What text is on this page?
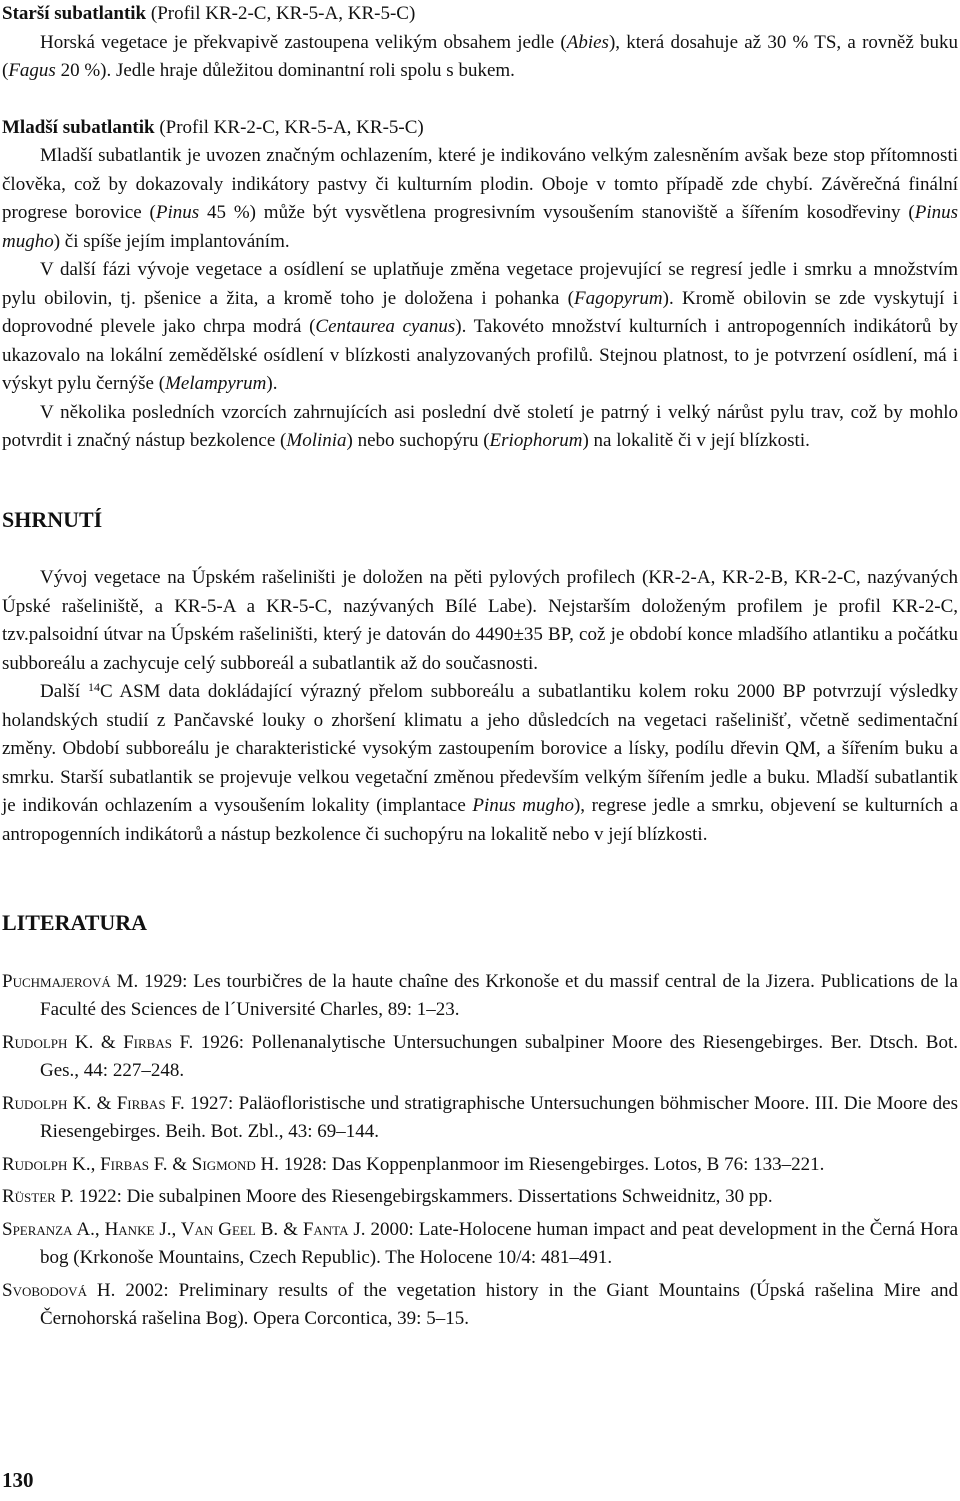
Starší subatlantik (Profil KR-2-C, KR-5-A, KR-5-C)

Horská vegetace je překvapivě zastoupena velikým obsahem jedle (Abies), která dosahuje až 30 % TS, a rovněž buku (Fagus 20 %). Jedle hraje důležitou dominantní roli spolu s bukem.

Mladší subatlantik (Profil KR-2-C, KR-5-A, KR-5-C)

Mladší subatlantik je uvozen značným ochlazením, které je indikováno velkým zalesněním avšak beze stop přítomnosti člověka, což by dokazovaly indikátory pastvy či kulturním plodin. Oboje v tomto případě zde chybí. Závěrečná finální progrese borovice (Pinus 45 %) může být vysvětlena progresivním vysoušením stanoviště a šířením kosodřeviny (Pinus mugho) či spíše jejím implantováním.

V další fázi vývoje vegetace a osídlení se uplatňuje změna vegetace projevující se regresí jedle i smrku a množstvím pylu obilovin, tj. pšenice a žita, a kromě toho je doložena i pohanka (Fagopyrum). Kromě obilovin se zde vyskytují i doprovodné plevele jako chrpa modrá (Centaurea cyanus). Takovéto množství kulturních i antropogenních indikátorů by ukazovalo na lokální zemědělské osídlení v blízkosti analyzovaných profilů. Stejnou platnost, to je potvrzení osídlení, má i výskyt pylu černýše (Melampyrum).

V několika posledních vzorcích zahrnujících asi poslední dvě století je patrný i velký nárůst pylu trav, což by mohlo potvrdit i značný nástup bezkolence (Molinia) nebo suchopýru (Eriophorum) na lokalitě či v její blízkosti.

SHRNUTÍ

Vývoj vegetace na Úpském rašeliništi je doložen na pěti pylových profilech (KR-2-A, KR-2-B, KR-2-C, nazývaných Úpské rašeliniště, a KR-5-A a KR-5-C, nazývaných Bílé Labe). Nejstarším doloženým profilem je profil KR-2-C, tzv.palsoidní útvar na Úpském rašeliništi, který je datován do 4490±35 BP, což je období konce mladšího atlantiku a počátku subboreálu a zachycuje celý subboreál a subatlantik až do současnosti.

Další $^{14}$C ASM data dokládající výrazný přelom subboreálu a subatlantiku kolem roku 2000 BP potvrzují výsledky holandských studií z Pančavské louky o zhoršení klimatu a jeho důsledcích na vegetaci rašelinišť, včetně sedimentační změny. Období subboreálu je charakteristické vysokým zastoupením borovice a lísky, podílu dřevin QM, a šířením buku a smrku. Starší subatlantik se projevuje velkou vegetační změnou především velkým šířením jedle a buku. Mladší subatlantik je indikován ochlazením a vysoušením lokality (implantace Pinus mugho), regrese jedle a smrku, objevení se kulturních a antropogenních indikátorů a nástup bezkolence či suchopýru na lokalitě nebo v její blízkosti.

LITERATURA

Puchmajerová M. 1929: Les tourbičres de la haute chaîne des Krkonoše et du massif central de la Jizera. Publications de la Faculté des Sciences de l´Université Charles, 89: 1–23.

Rudolph K. & Firbas F. 1926: Pollenanalytische Untersuchungen subalpiner Moore des Riesengebirges. Ber. Dtsch. Bot. Ges., 44: 227–248.

Rudolph K. & Firbas F. 1927: Paläofloristische und stratigraphische Untersuchungen böhmischer Moore. III. Die Moore des Riesengebirges. Beih. Bot. Zbl., 43: 69–144.

Rudolph K., Firbas F. & Sigmond H. 1928: Das Koppenplanmoor im Riesengebirges. Lotos, B 76: 133–221.

Rüster P. 1922: Die subalpinen Moore des Riesengebirgskammers. Dissertations Schweidnitz, 30 pp.

Speranza A., Hanke J., Van Geel B. & Fanta J. 2000: Late-Holocene human impact and peat development in the Černá Hora bog (Krkonoše Mountains, Czech Republic). The Holocene 10/4: 481–491.

Svobodová H. 2002: Preliminary results of the vegetation history in the Giant Mountains (Úpská rašelina Mire and Černohorská rašelina Bog). Opera Corcontica, 39: 5–15.

130
